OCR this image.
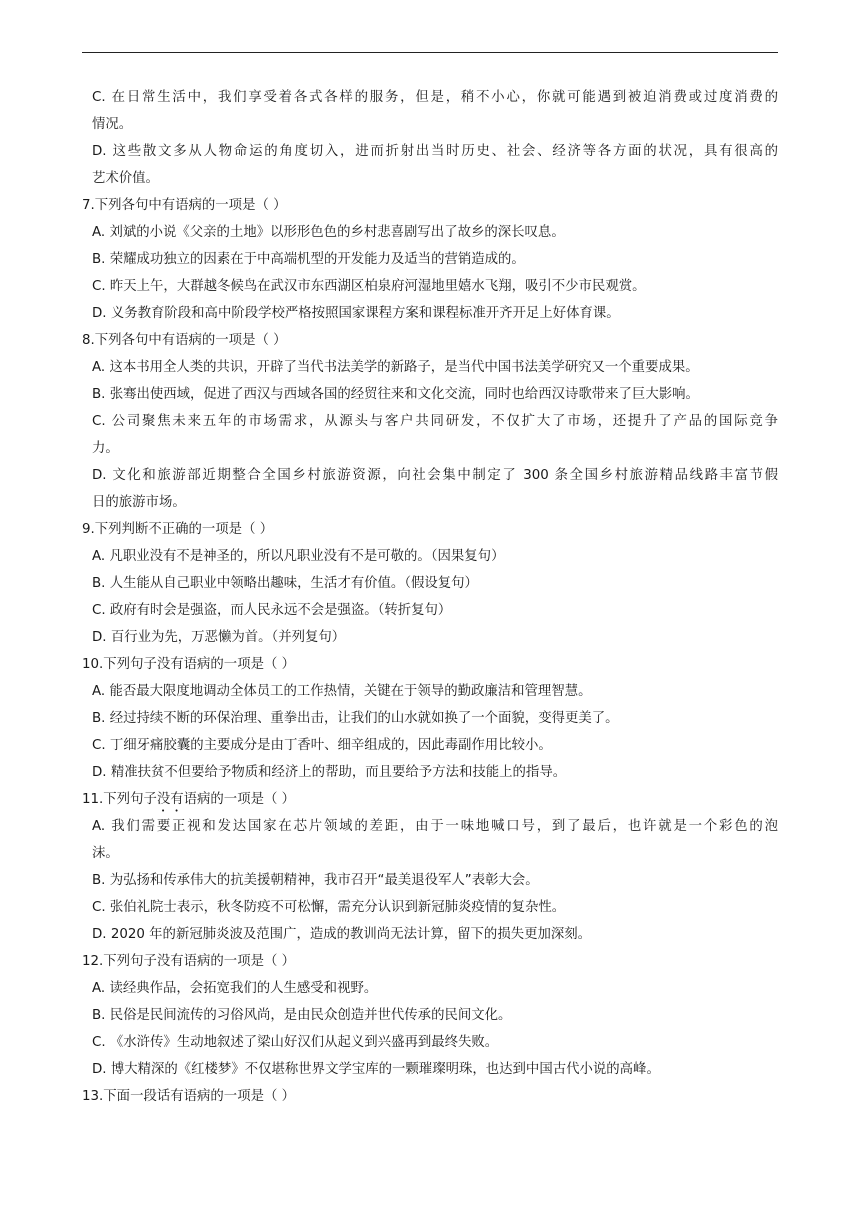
C. 在日常生活中，我们享受着各式各样的服务，但是，稍不小心，你就可能遇到被迫消费或过度消费的

情况。

D. 这些散文多从人物命运的角度切入，进而折射出当时历史、社会、经济等各方面的状况，具有很高的

艺术价值。

7.下列各句中有语病的一项是（ ）

A. 刘斌的小说《父亲的土地》以形形色色的乡村悲喜剧写出了故乡的深长叹息。

B. 荣耀成功独立的因素在于中高端机型的开发能力及适当的营销造成的。

C. 昨天上午，大群越冬候鸟在武汉市东西湖区柏泉府河湿地里嬉水飞翔，吸引不少市民观赏。

D. 义务教育阶段和高中阶段学校严格按照国家课程方案和课程标准开齐开足上好体育课。

8.下列各句中有语病的一项是（ ）

A. 这本书用全人类的共识，开辟了当代书法美学的新路子，是当代中国书法美学研究又一个重要成果。

B. 张骞出使西域，促进了西汉与西域各国的经贸往来和文化交流，同时也给西汉诗歌带来了巨大影响。

C. 公司聚焦未来五年的市场需求，从源头与客户共同研发，不仅扩大了市场，还提升了产品的国际竞争

力。

D. 文化和旅游部近期整合全国乡村旅游资源，向社会集中制定了 300 条全国乡村旅游精品线路丰富节假

日的旅游市场。

9.下列判断不正确的一项是（ ）

A. 凡职业没有不是神圣的，所以凡职业没有不是可敬的。（因果复句）

B. 人生能从自己职业中领略出趣味，生活才有价值。（假设复句）

C. 政府有时会是强盗，而人民永远不会是强盗。（转折复句）

D. 百行业为先，万恶懒为首。（并列复句）

10.下列句子没有语病的一项是（ ）

A. 能否最大限度地调动全体员工的工作热情，关键在于领导的勤政廉洁和管理智慧。

B. 经过持续不断的环保治理、重拳出击，让我们的山水就如换了一个面貌，变得更美了。

C. 丁细牙痛胶囊的主要成分是由丁香叶、细辛组成的，因此毒副作用比较小。

D. 精准扶贫不但要给予物质和经济上的帮助，而且要给予方法和技能上的指导。

11.下列句子没有语病的一项是（ ）

A. 我们需要正视和发达国家在芯片领域的差距，由于一味地喊口号，到了最后，也许就是一个彩色的泡

沫。

B. 为弘扬和传承伟大的抗美援朝精神，我市召开“最美退役军人”表彰大会。

C. 张伯礼院士表示，秋冬防疫不可松懈，需充分认识到新冠肺炎疫情的复杂性。

D. 2020 年的新冠肺炎波及范围广，造成的教训尚无法计算，留下的损失更加深刻。

12.下列句子没有语病的一项是（ ）

A. 读经典作品，会拓宽我们的人生感受和视野。

B. 民俗是民间流传的习俗风尚，是由民众创造并世代传承的民间文化。

C. 《水浒传》生动地叙述了梁山好汉们从起义到兴盛再到最终失败。

D. 博大精深的《红楼梦》不仅堪称世界文学宝库的一颗璀璨明珠，也达到中国古代小说的高峰。

13.下面一段话有语病的一项是（ ）
